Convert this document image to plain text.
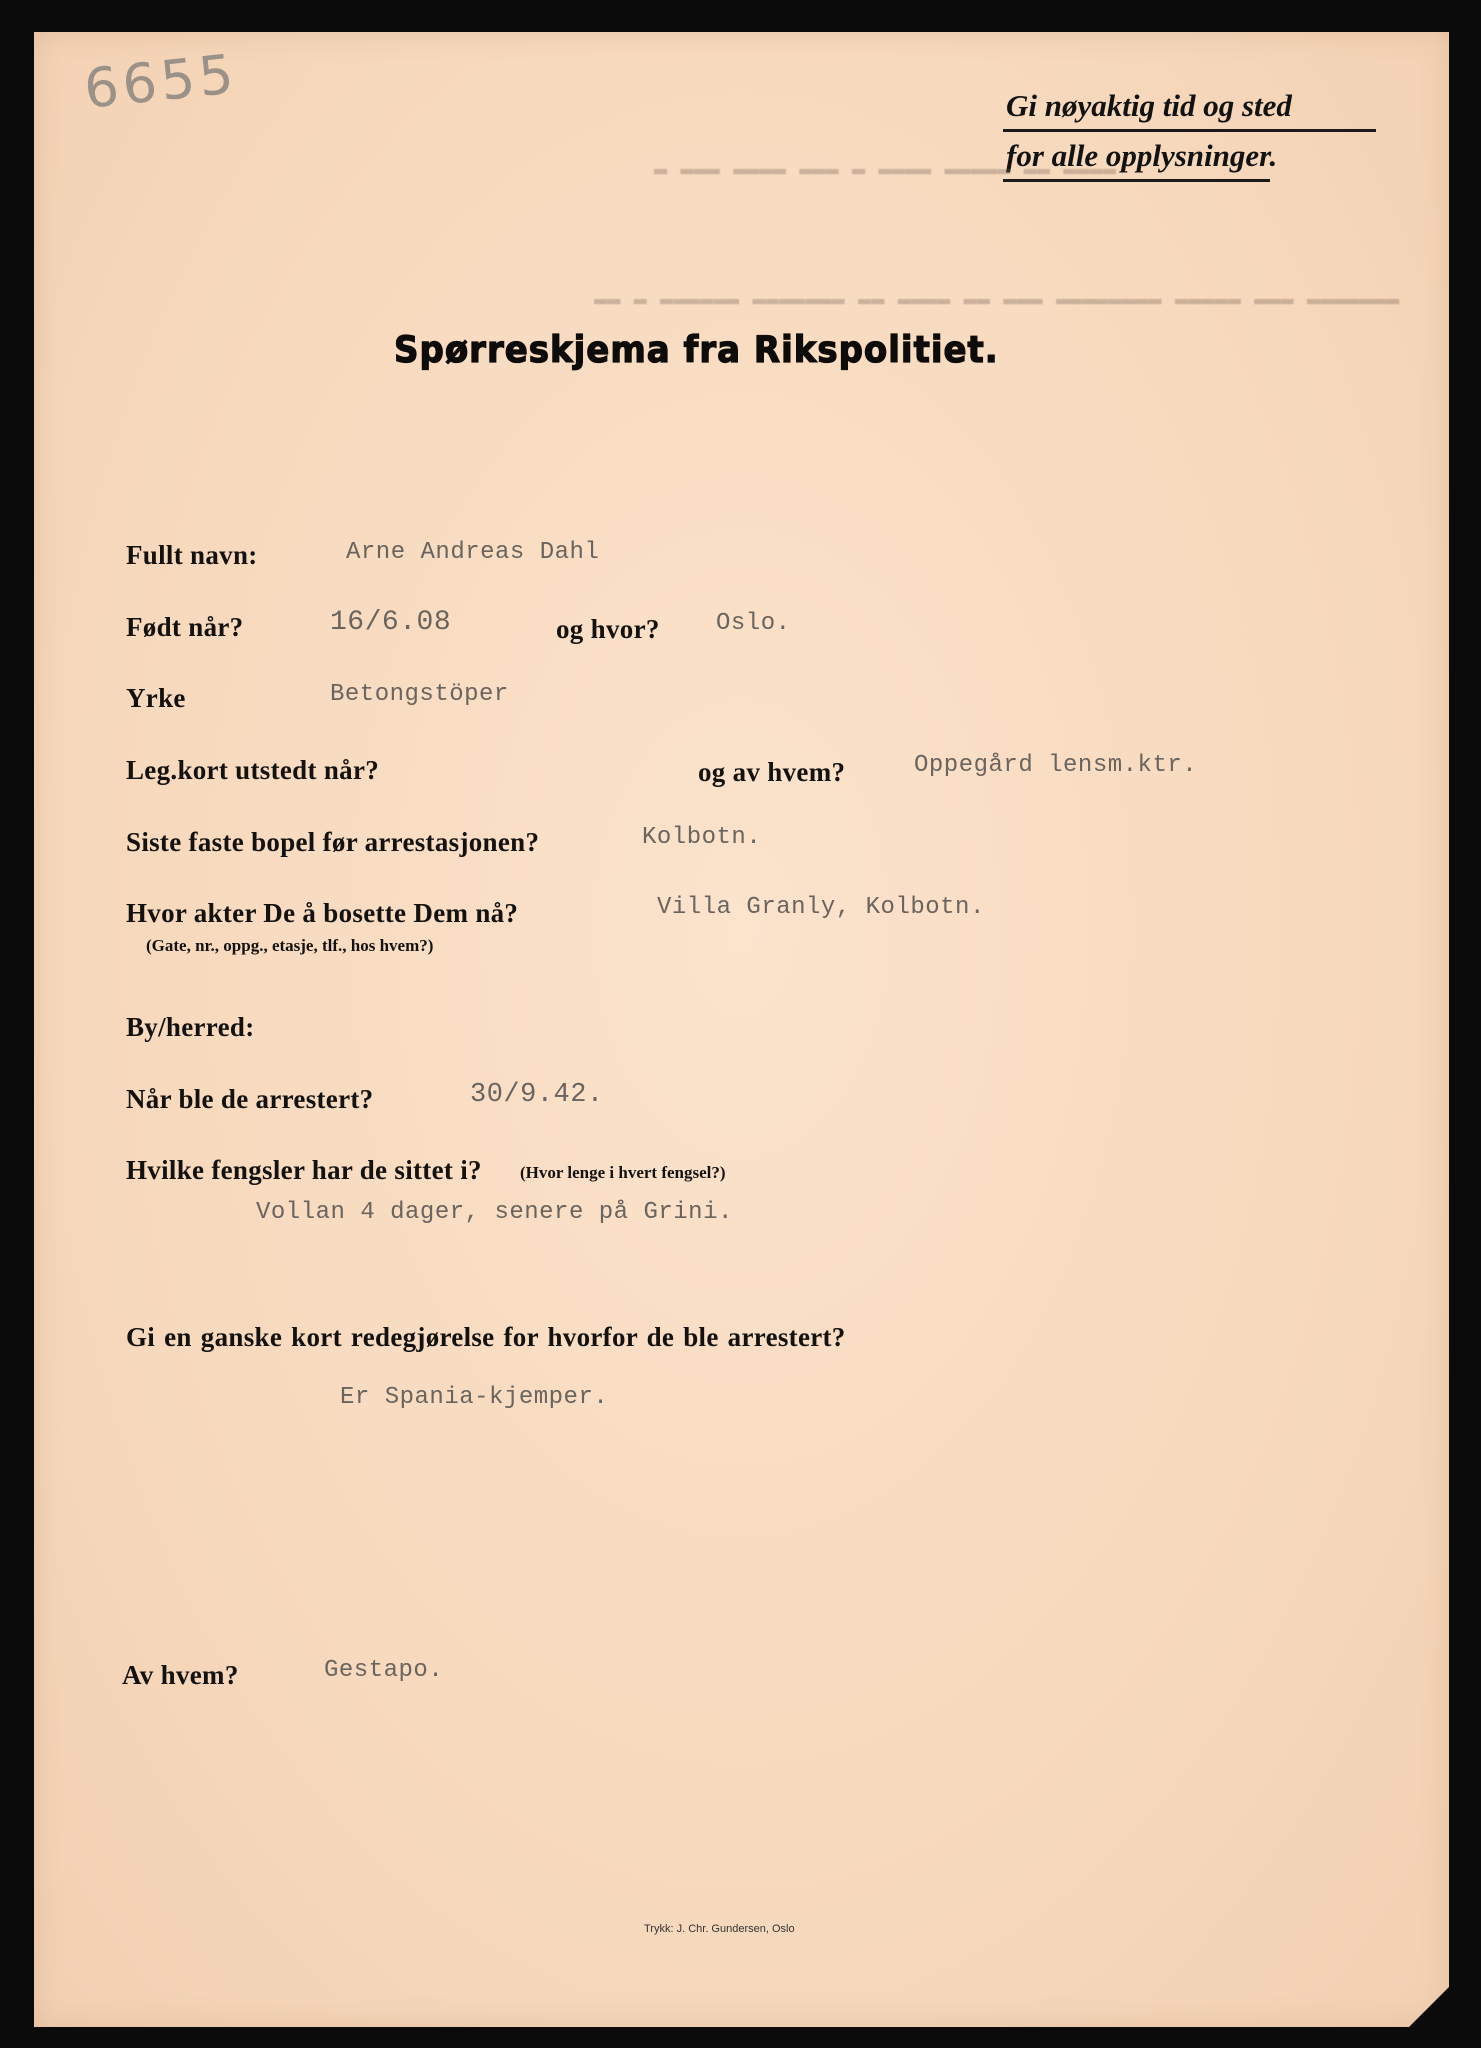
6655	Gi nøyaktig tid og sted
for alle opplysninger.
▬ ▬▬▬ ▬▬▬▬ ▬▬▬ ▬ ▬▬▬▬ ▬▬▬▬▬ ▬▬ ▬▬▬▬
▬▬ ▬ ▬▬▬▬▬▬ ▬▬▬▬▬▬▬ ▬▬ ▬▬▬▬ ▬▬ ▬▬▬ ▬▬▬▬▬▬▬▬ ▬▬▬▬▬ ▬▬▬ ▬▬▬▬▬▬▬
Spørreskjema fra Rikspolitiet.
Fullt navn:	Arne Andreas Dahl
Født når?	16/6.08	og hvor? Oslo.
Yrke	Betongstöper
Leg.kort utstedt når?	og av hvem?	Oppegård lensm.ktr.
Siste faste bopel før arrestasjonen?	Kolbotn.
Hvor akter De å bosette Dem nå?
(Gate, nr., oppg., etasje, tlf., hos hvem?)
Villa Granly, Kolbotn.
By/herred:
Når ble de arrestert?	30/9.42.
Hvilke fengsler har de sittet i? (Hvor lenge i hvert fengsel?)
Vollan 4 dager, senere på Grini.
Gi en ganske kort redegjørelse for hvorfor de ble arrestert?
Er Spania-kjemper.
Av hvem?	Gestapo.
Trykk: J. Chr. Gundersen, Oslo
